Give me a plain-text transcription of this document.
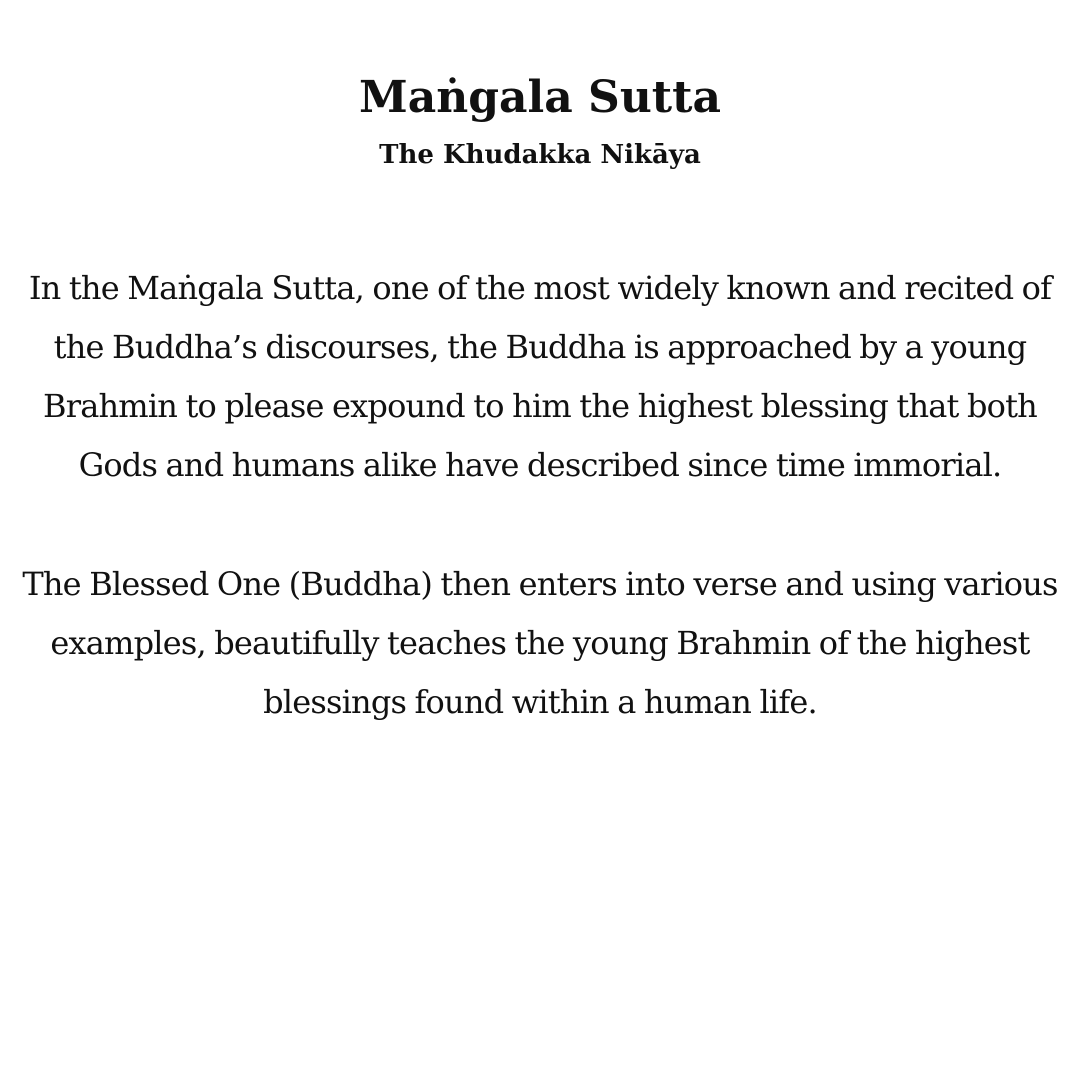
Maṅgala Sutta
The Khudakka Nikāya

In the Maṅgala Sutta, one of the most widely known and recited of the Buddha’s discourses, the Buddha is approached by a young Brahmin to please expound to him the highest blessing that both Gods and humans alike have described since time immorial.

The Blessed One (Buddha) then enters into verse and using various examples, beautifully teaches the young Brahmin of the highest blessings found within a human life.
